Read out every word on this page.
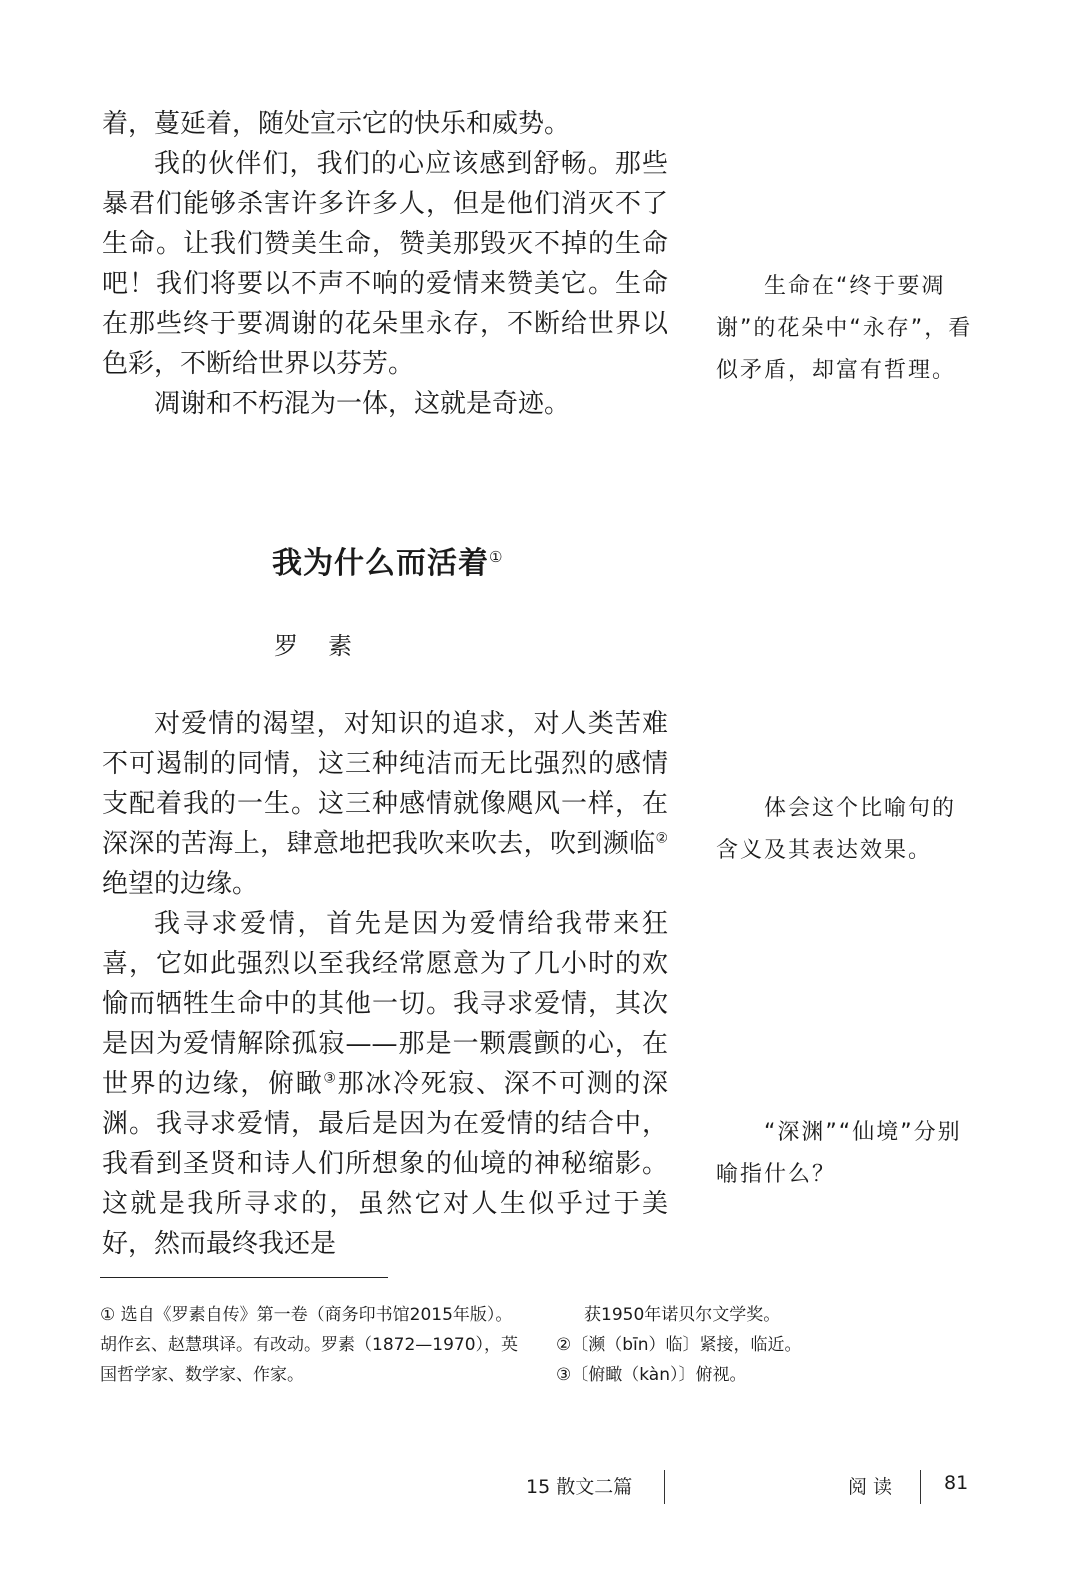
着，蔓延着，随处宣示它的快乐和威势。

我的伙伴们，我们的心应该感到舒畅。那些暴君们能够杀害许多许多人，但是他们消灭不了生命。让我们赞美生命，赞美那毁灭不掉的生命吧！我们将要以不声不响的爱情来赞美它。生命在那些终于要凋谢的花朵里永存，不断给世界以色彩，不断给世界以芬芳。

凋谢和不朽混为一体，这就是奇迹。

生命在“终于要凋谢”的花朵中“永存”，看似矛盾，却富有哲理。

我为什么而活着①

罗素

对爱情的渴望，对知识的追求，对人类苦难不可遏制的同情，这三种纯洁而无比强烈的感情支配着我的一生。这三种感情就像飓风一样，在深深的苦海上，肆意地把我吹来吹去，吹到濒临②绝望的边缘。

我寻求爱情，首先是因为爱情给我带来狂喜，它如此强烈以至我经常愿意为了几小时的欢愉而牺牲生命中的其他一切。我寻求爱情，其次是因为爱情解除孤寂——那是一颗震颤的心，在世界的边缘，俯瞰③那冰冷死寂、深不可测的深渊。我寻求爱情，最后是因为在爱情的结合中，我看到圣贤和诗人们所想象的仙境的神秘缩影。这就是我所寻求的，虽然它对人生似乎过于美好，然而最终我还是

体会这个比喻句的含义及其表达效果。

“深渊”“仙境”分别喻指什么？

① 选自《罗素自传》第一卷（商务印书馆2015年版）。胡作玄、赵慧琪译。有改动。罗素（1872—1970），英国哲学家、数学家、作家。

获1950年诺贝尔文学奖。

②〔濒（bīn）临〕紧接，临近。

③〔俯瞰（kàn）〕俯视。

15 散文二篇	阅 读	81
